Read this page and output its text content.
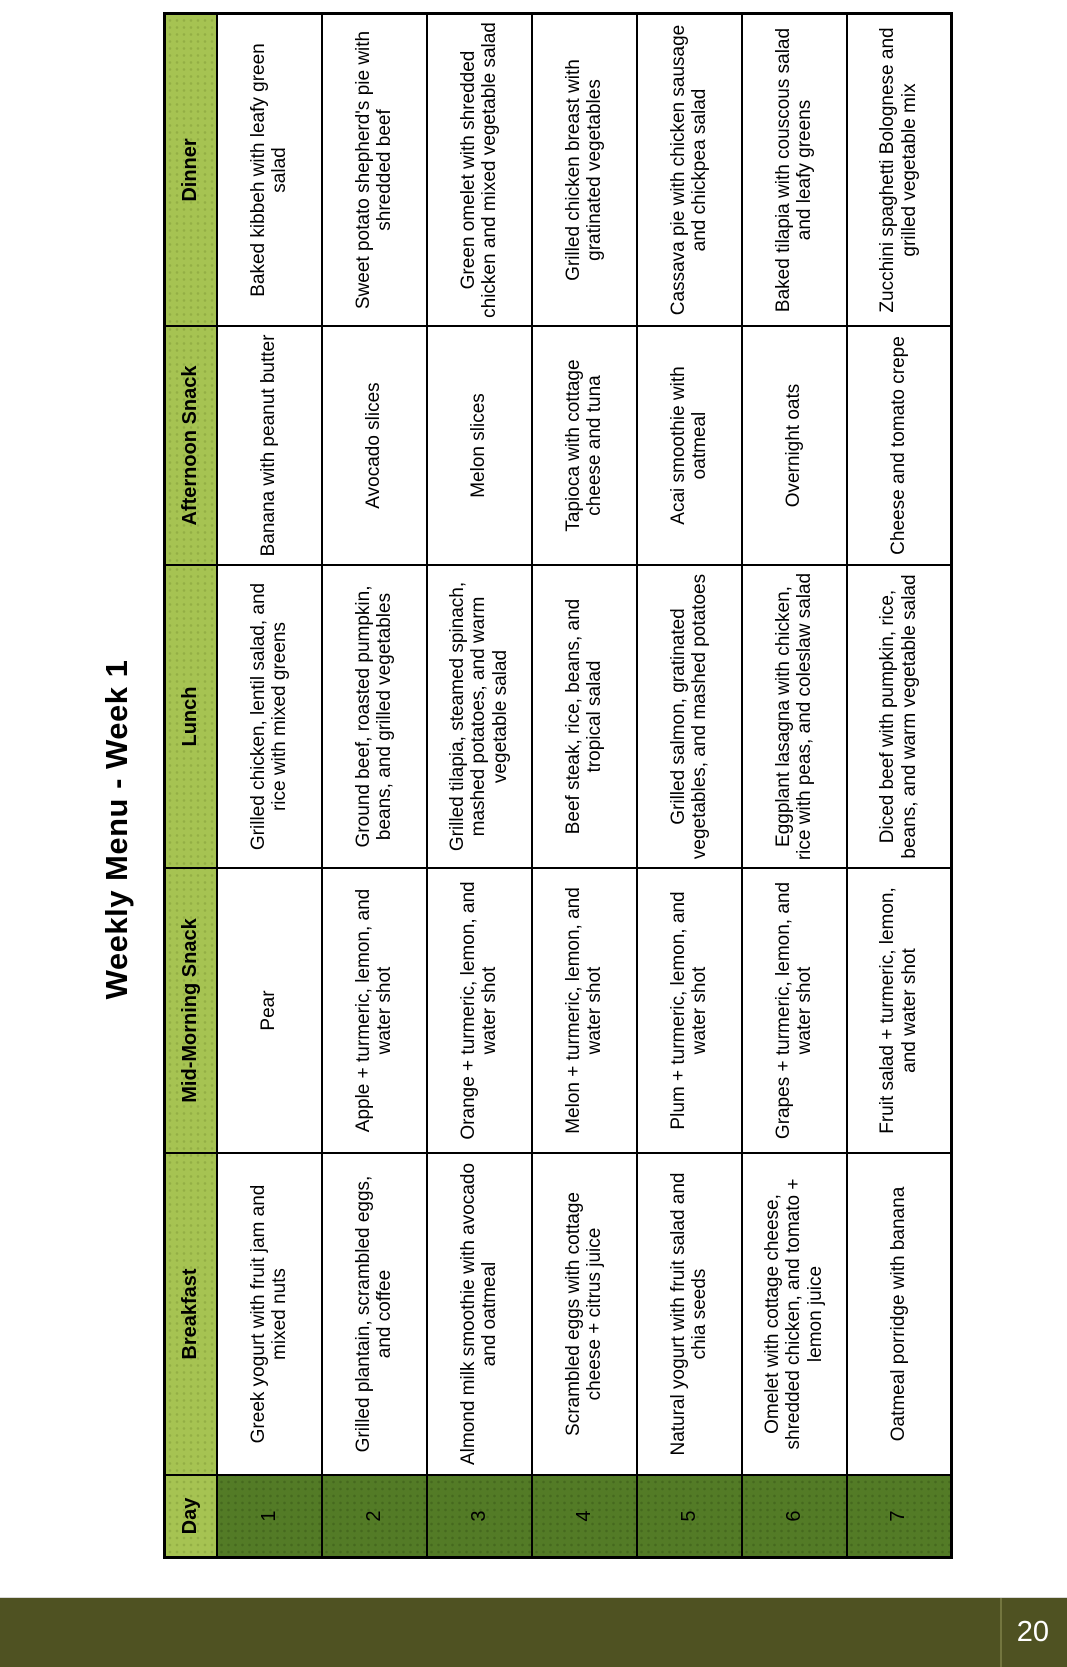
Weekly Menu - Week 1
Day	Breakfast	Mid-Morning Snack	Lunch	Afternoon Snack	Dinner
1	Greek yogurt with fruit jam and mixed nuts	Pear	Grilled chicken, lentil salad, and rice with mixed greens	Banana with peanut butter	Baked kibbeh with leafy green salad
2	Grilled plantain, scrambled eggs, and coffee	Apple + turmeric, lemon, and water shot	Ground beef, roasted pumpkin, beans, and grilled vegetables	Avocado slices	Sweet potato shepherd's pie with shredded beef
3	Almond milk smoothie with avocado and oatmeal	Orange + turmeric, lemon, and water shot	Grilled tilapia, steamed spinach, mashed potatoes, and warm vegetable salad	Melon slices	Green omelet with shredded chicken and mixed vegetable salad
4	Scrambled eggs with cottage cheese + citrus juice	Melon + turmeric, lemon, and water shot	Beef steak, rice, beans, and tropical salad	Tapioca with cottage cheese and tuna	Grilled chicken breast with gratinated vegetables
5	Natural yogurt with fruit salad and chia seeds	Plum + turmeric, lemon, and water shot	Grilled salmon, gratinated vegetables, and mashed potatoes	Acai smoothie with oatmeal	Cassava pie with chicken sausage and chickpea salad
6	Omelet with cottage cheese, shredded chicken, and tomato + lemon juice	Grapes + turmeric, lemon, and water shot	Eggplant lasagna with chicken, rice with peas, and coleslaw salad	Overnight oats	Baked tilapia with couscous salad and leafy greens
7	Oatmeal porridge with banana	Fruit salad + turmeric, lemon, and water shot	Diced beef with pumpkin, rice, beans, and warm vegetable salad	Cheese and tomato crepe	Zucchini spaghetti Bolognese and grilled vegetable mix
20
